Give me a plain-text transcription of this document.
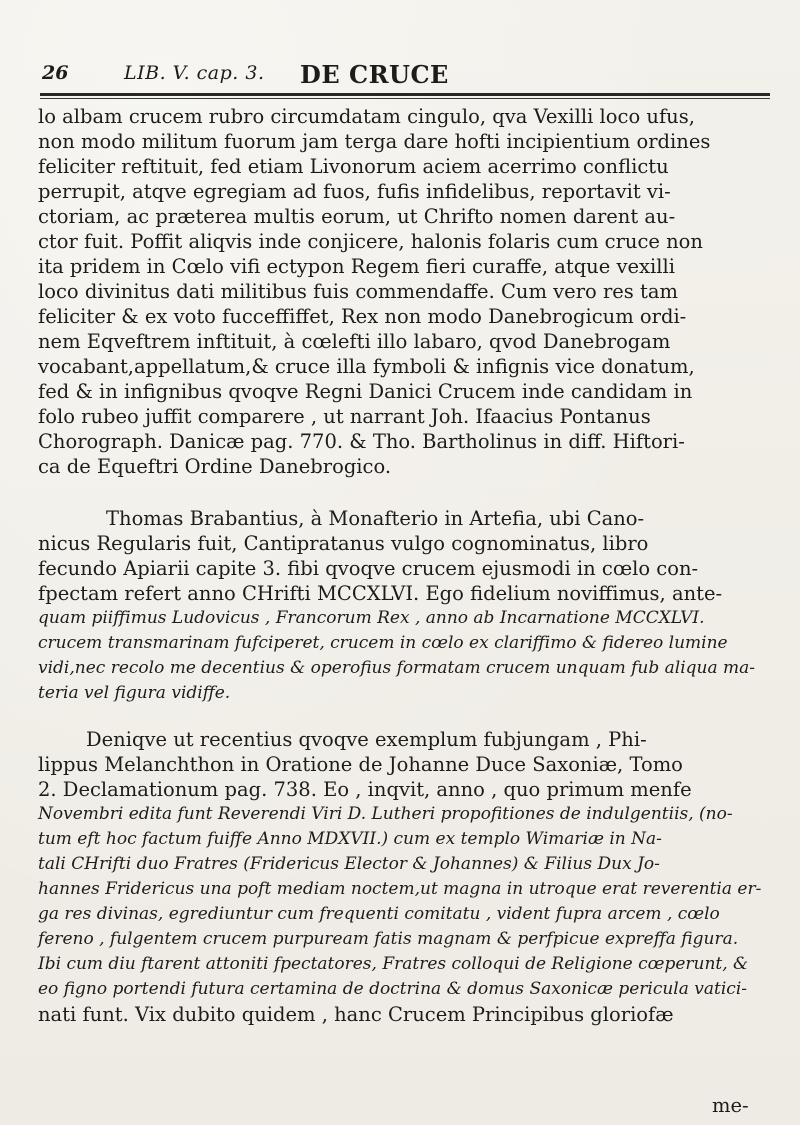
26	LIB. V. cap. 3. DE CRUCE
lo albam crucem rubro circumdatam cingulo, qva Vexilli loco ufus,
non modo militum fuorum jam terga dare hofti incipientium ordines
feliciter reftituit, fed etiam Livonorum aciem acerrimo conflictu
perrupit, atqve egregiam ad fuos, fufis infidelibus, reportavit vi-
ctoriam, ac præterea multis eorum, ut Chrifto nomen darent au-
ctor fuit. Poffit aliqvis inde conjicere, halonis folaris cum cruce non
ita pridem in Cœlo vifi ectypon Regem fieri curaffe, atque vexilli
loco divinitus dati militibus fuis commendaffe. Cum vero res tam
feliciter & ex voto fucceffiffet, Rex non modo Danebrogicum ordi-
nem Eqveftrem inftituit, à cœlefti illo labaro, qvod Danebrogam
vocabant,appellatum,& cruce illa fymboli & infignis vice donatum,
fed & in infignibus qvoqve Regni Danici Crucem inde candidam in
folo rubeo juffit comparere , ut narrant Joh. Ifaacius Pontanus
Chorograph. Danicæ pag. 770. & Tho. Bartholinus in diff. Hiftori-
ca de Equeftri Ordine Danebrogico.
Thomas Brabantius, à Monafterio in Artefia, ubi Cano-
nicus Regularis fuit, Cantipratanus vulgo cognominatus, libro
fecundo Apiarii capite 3. fibi qvoqve crucem ejusmodi in cœlo con-
fpectam refert anno CHrifti MCCXLVI. Ego fidelium noviffimus, ante-
quam piiffimus Ludovicus , Francorum Rex , anno ab Incarnatione MCCXLVI.
crucem transmarinam fufciperet, crucem in cœlo ex clariffimo & fidereo lumine
vidi,nec recolo me decentius & operofius formatam crucem unquam fub aliqua ma-
teria vel figura vidiffe.
Deniqve ut recentius qvoqve exemplum fubjungam , Phi-
lippus Melanchthon in Oratione de Johanne Duce Saxoniæ, Tomo
2. Declamationum pag. 738. Eo , inqvit, anno , quo primum menfe
Novembri edita funt Reverendi Viri D. Lutheri propofitiones de indulgentiis, (no-
tum eft hoc factum fuiffe Anno MDXVII.) cum ex templo Wimariæ in Na-
tali CHrifti duo Fratres (Fridericus Elector & Johannes) & Filius Dux Jo-
hannes Fridericus una poft mediam noctem,ut magna in utroque erat reverentia er-
ga res divinas, egrediuntur cum frequenti comitatu , vident fupra arcem , cœlo
fereno , fulgentem crucem purpuream fatis magnam & perfpicue expreffa figura.
Ibi cum diu ftarent attoniti fpectatores, Fratres colloqui de Religione cœperunt, &
eo figno portendi futura certamina de doctrina & domus Saxonicæ pericula vatici-
nati funt. Vix dubito quidem , hanc Crucem Principibus gloriofæ
me-
